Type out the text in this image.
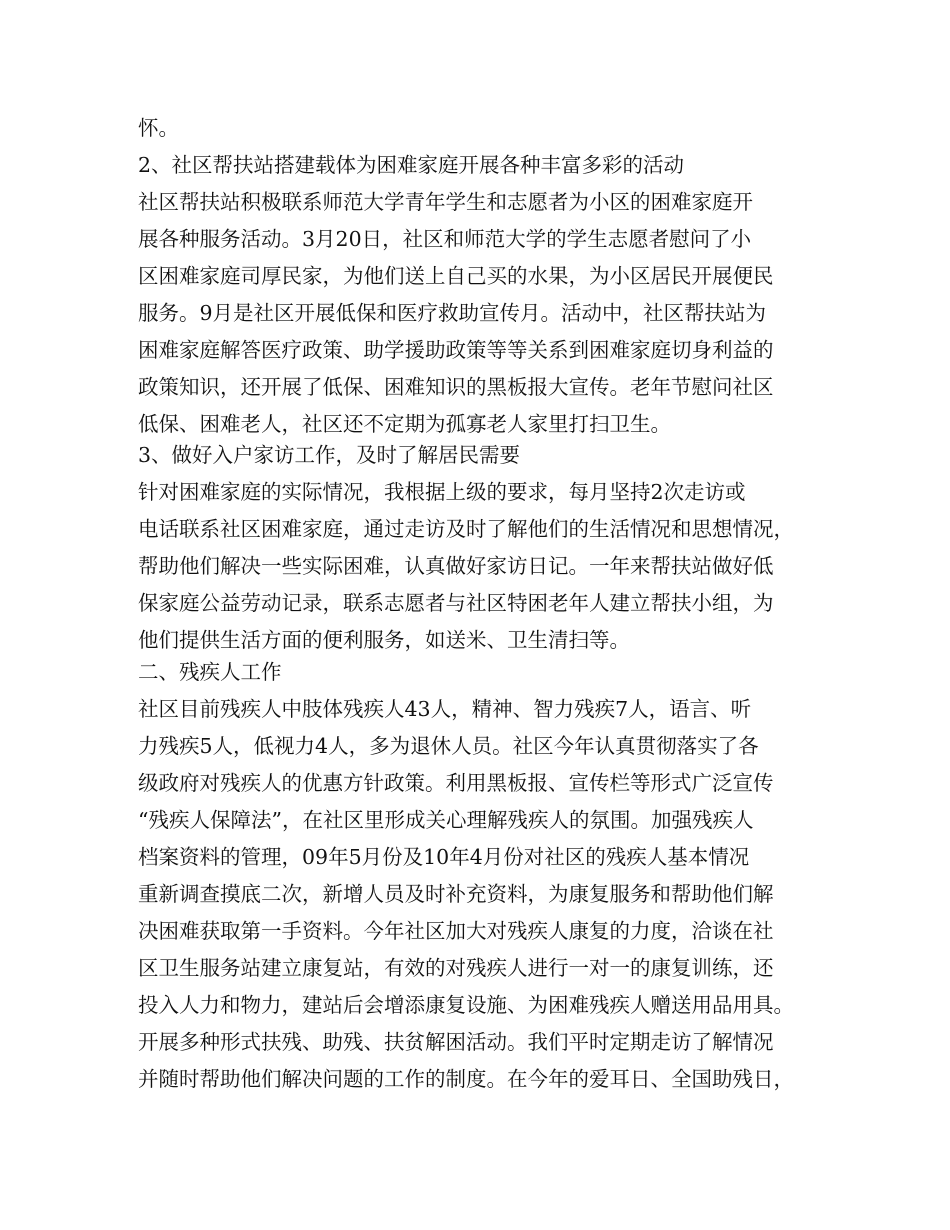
怀。
2、社区帮扶站搭建载体为困难家庭开展各种丰富多彩的活动
社区帮扶站积极联系师范大学青年学生和志愿者为小区的困难家庭开
展各种服务活动。3月20日，社区和师范大学的学生志愿者慰问了小
区困难家庭司厚民家，为他们送上自己买的水果，为小区居民开展便民
服务。9月是社区开展低保和医疗救助宣传月。活动中，社区帮扶站为
困难家庭解答医疗政策、助学援助政策等等关系到困难家庭切身利益的
政策知识，还开展了低保、困难知识的黑板报大宣传。老年节慰问社区
低保、困难老人，社区还不定期为孤寡老人家里打扫卫生。
3、做好入户家访工作，及时了解居民需要
针对困难家庭的实际情况，我根据上级的要求，每月坚持2次走访或
电话联系社区困难家庭，通过走访及时了解他们的生活情况和思想情况，
帮助他们解决一些实际困难，认真做好家访日记。一年来帮扶站做好低
保家庭公益劳动记录，联系志愿者与社区特困老年人建立帮扶小组，为
他们提供生活方面的便利服务，如送米、卫生清扫等。
二、残疾人工作
社区目前残疾人中肢体残疾人43人，精神、智力残疾7人，语言、听
力残疾5人，低视力4人，多为退休人员。社区今年认真贯彻落实了各
级政府对残疾人的优惠方针政策。利用黑板报、宣传栏等形式广泛宣传
“残疾人保障法”，在社区里形成关心理解残疾人的氛围。加强残疾人
档案资料的管理，09年5月份及10年4月份对社区的残疾人基本情况
重新调查摸底二次，新增人员及时补充资料，为康复服务和帮助他们解
决困难获取第一手资料。今年社区加大对残疾人康复的力度，洽谈在社
区卫生服务站建立康复站，有效的对残疾人进行一对一的康复训练，还
投入人力和物力，建站后会增添康复设施、为困难残疾人赠送用品用具。
开展多种形式扶残、助残、扶贫解困活动。我们平时定期走访了解情况
并随时帮助他们解决问题的工作的制度。在今年的爱耳日、全国助残日，
